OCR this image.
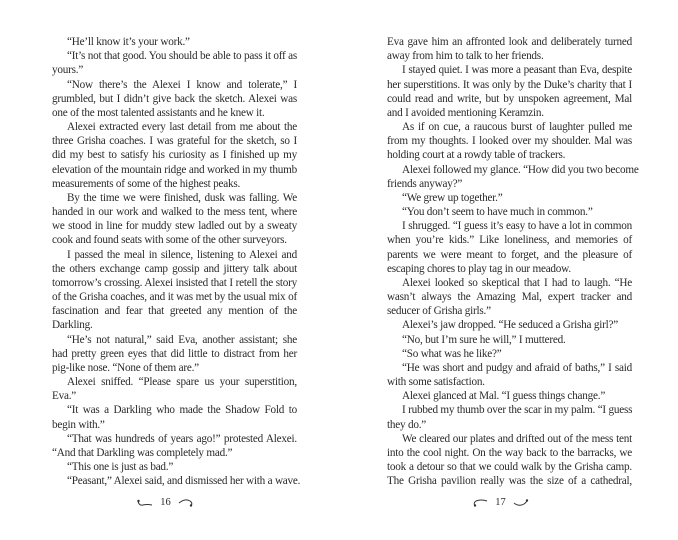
“He’ll know it’s your work.”
“It’s not that good. You should be able to pass it off as
yours.”
“Now there’s the Alexei I know and tolerate,” I
grumbled, but I didn’t give back the sketch. Alexei was
one of the most talented assistants and he knew it.
Alexei extracted every last detail from me about the
three Grisha coaches. I was grateful for the sketch, so I
did my best to satisfy his curiosity as I finished up my
elevation of the mountain ridge and worked in my thumb
measurements of some of the highest peaks.
By the time we were finished, dusk was falling. We
handed in our work and walked to the mess tent, where
we stood in line for muddy stew ladled out by a sweaty
cook and found seats with some of the other surveyors.
I passed the meal in silence, listening to Alexei and
the others exchange camp gossip and jittery talk about
tomorrow’s crossing. Alexei insisted that I retell the story
of the Grisha coaches, and it was met by the usual mix of
fascination and fear that greeted any mention of the
Darkling.
“He’s not natural,” said Eva, another assistant; she
had pretty green eyes that did little to distract from her
pig-like nose. “None of them are.”
Alexei sniffed. “Please spare us your superstition,
Eva.”
“It was a Darkling who made the Shadow Fold to
begin with.”
“That was hundreds of years ago!” protested Alexei.
“And that Darkling was completely mad.”
“This one is just as bad.”
“Peasant,” Alexei said, and dismissed her with a wave.
16
Eva gave him an affronted look and deliberately turned
away from him to talk to her friends.
I stayed quiet. I was more a peasant than Eva, despite
her superstitions. It was only by the Duke’s charity that I
could read and write, but by unspoken agreement, Mal
and I avoided mentioning Keramzin.
As if on cue, a raucous burst of laughter pulled me
from my thoughts. I looked over my shoulder. Mal was
holding court at a rowdy table of trackers.
Alexei followed my glance. “How did you two become
friends anyway?”
“We grew up together.”
“You don’t seem to have much in common.”
I shrugged. “I guess it’s easy to have a lot in common
when you’re kids.” Like loneliness, and memories of
parents we were meant to forget, and the pleasure of
escaping chores to play tag in our meadow.
Alexei looked so skeptical that I had to laugh. “He
wasn’t always the Amazing Mal, expert tracker and
seducer of Grisha girls.”
Alexei’s jaw dropped. “He seduced a Grisha girl?”
“No, but I’m sure he will,” I muttered.
“So what was he like?”
“He was short and pudgy and afraid of baths,” I said
with some satisfaction.
Alexei glanced at Mal. “I guess things change.”
I rubbed my thumb over the scar in my palm. “I guess
they do.”
We cleared our plates and drifted out of the mess tent
into the cool night. On the way back to the barracks, we
took a detour so that we could walk by the Grisha camp.
The Grisha pavilion really was the size of a cathedral,
17
